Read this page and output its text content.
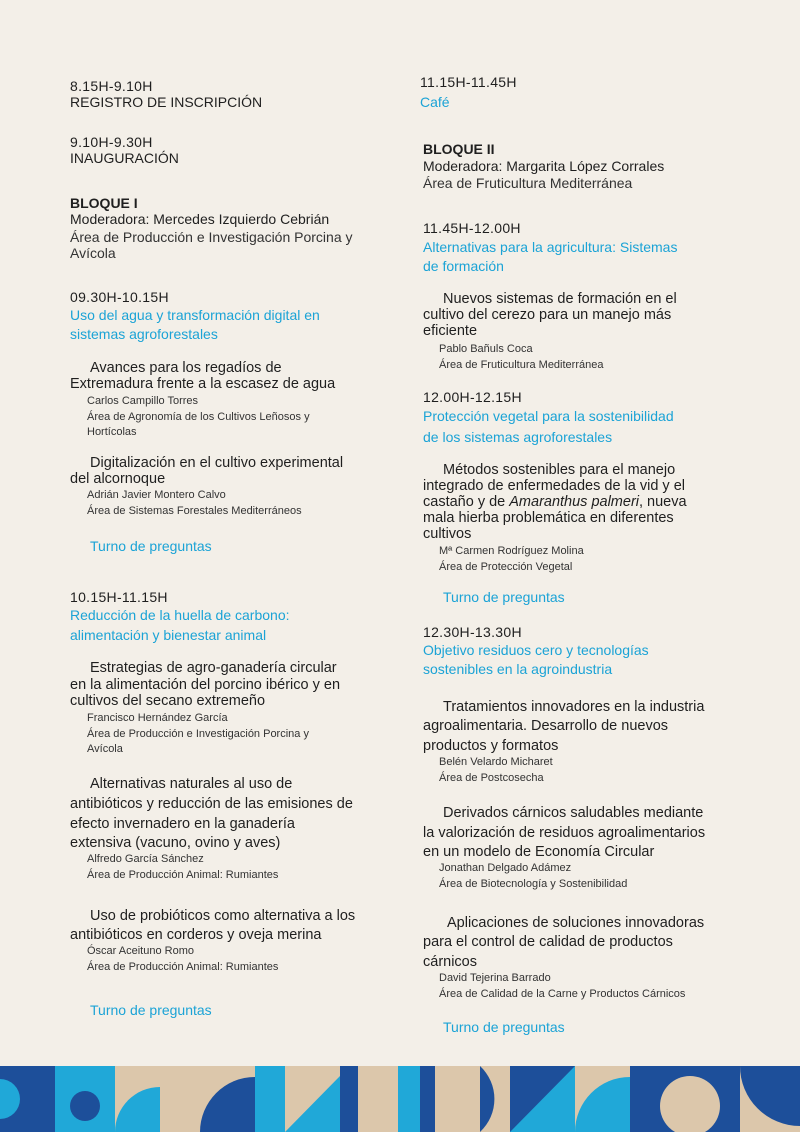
8.15H-9.10H
REGISTRO DE INSCRIPCIÓN
9.10H-9.30H
INAUGURACIÓN
BLOQUE I
Moderadora: Mercedes Izquierdo Cebrián
Área de Producción e Investigación Porcina y
Avícola
09.30H-10.15H
Uso del agua y transformación digital en
sistemas agroforestales
Avances para los regadíos de
Extremadura frente a la escasez de agua
Carlos Campillo Torres
Área de Agronomía de los Cultivos Leñosos y
Hortícolas
Digitalización en el cultivo experimental
del alcornoque
Adrián Javier Montero Calvo
Área de Sistemas Forestales Mediterráneos
Turno de preguntas
10.15H-11.15H
Reducción de la huella de carbono:
alimentación y bienestar animal
Estrategias de agro-ganadería circular
en la alimentación del porcino ibérico y en
cultivos del secano extremeño
Francisco Hernández García
Área de Producción e Investigación Porcina y
Avícola
Alternativas naturales al uso de
antibióticos y reducción de las emisiones de
efecto invernadero en la ganadería
extensiva (vacuno, ovino y aves)
Alfredo García Sánchez
Área de Producción Animal: Rumiantes
Uso de probióticos como alternativa a los
antibióticos en corderos y oveja merina
Óscar Aceituno Romo
Área de Producción Animal: Rumiantes
Turno de preguntas
11.15H-11.45H
Café
BLOQUE II
Moderadora: Margarita López Corrales
Área de Fruticultura Mediterránea
11.45H-12.00H
Alternativas para la agricultura: Sistemas
de formación
Nuevos sistemas de formación en el
cultivo del cerezo para un manejo más
eficiente
Pablo Bañuls Coca
Área de Fruticultura Mediterránea
12.00H-12.15H
Protección vegetal para la sostenibilidad
de los sistemas agroforestales
Métodos sostenibles para el manejo
integrado de enfermedades de la vid y el
castaño y de Amaranthus palmeri, nueva
mala hierba problemática en diferentes
cultivos
Mª Carmen Rodríguez Molina
Área de Protección Vegetal
Turno de preguntas
12.30H-13.30H
Objetivo residuos cero y tecnologías
sostenibles en la agroindustria
Tratamientos innovadores en la industria
agroalimentaria. Desarrollo de nuevos
productos y formatos
Belén Velardo Micharet
Área de Postcosecha
Derivados cárnicos saludables mediante
la valorización de residuos agroalimentarios
en un modelo de Economía Circular
Jonathan Delgado Adámez
Área de Biotecnología y Sostenibilidad
Aplicaciones de soluciones innovadoras
para el control de calidad de productos
cárnicos
David Tejerina Barrado
Área de Calidad de la Carne y Productos Cárnicos
Turno de preguntas
